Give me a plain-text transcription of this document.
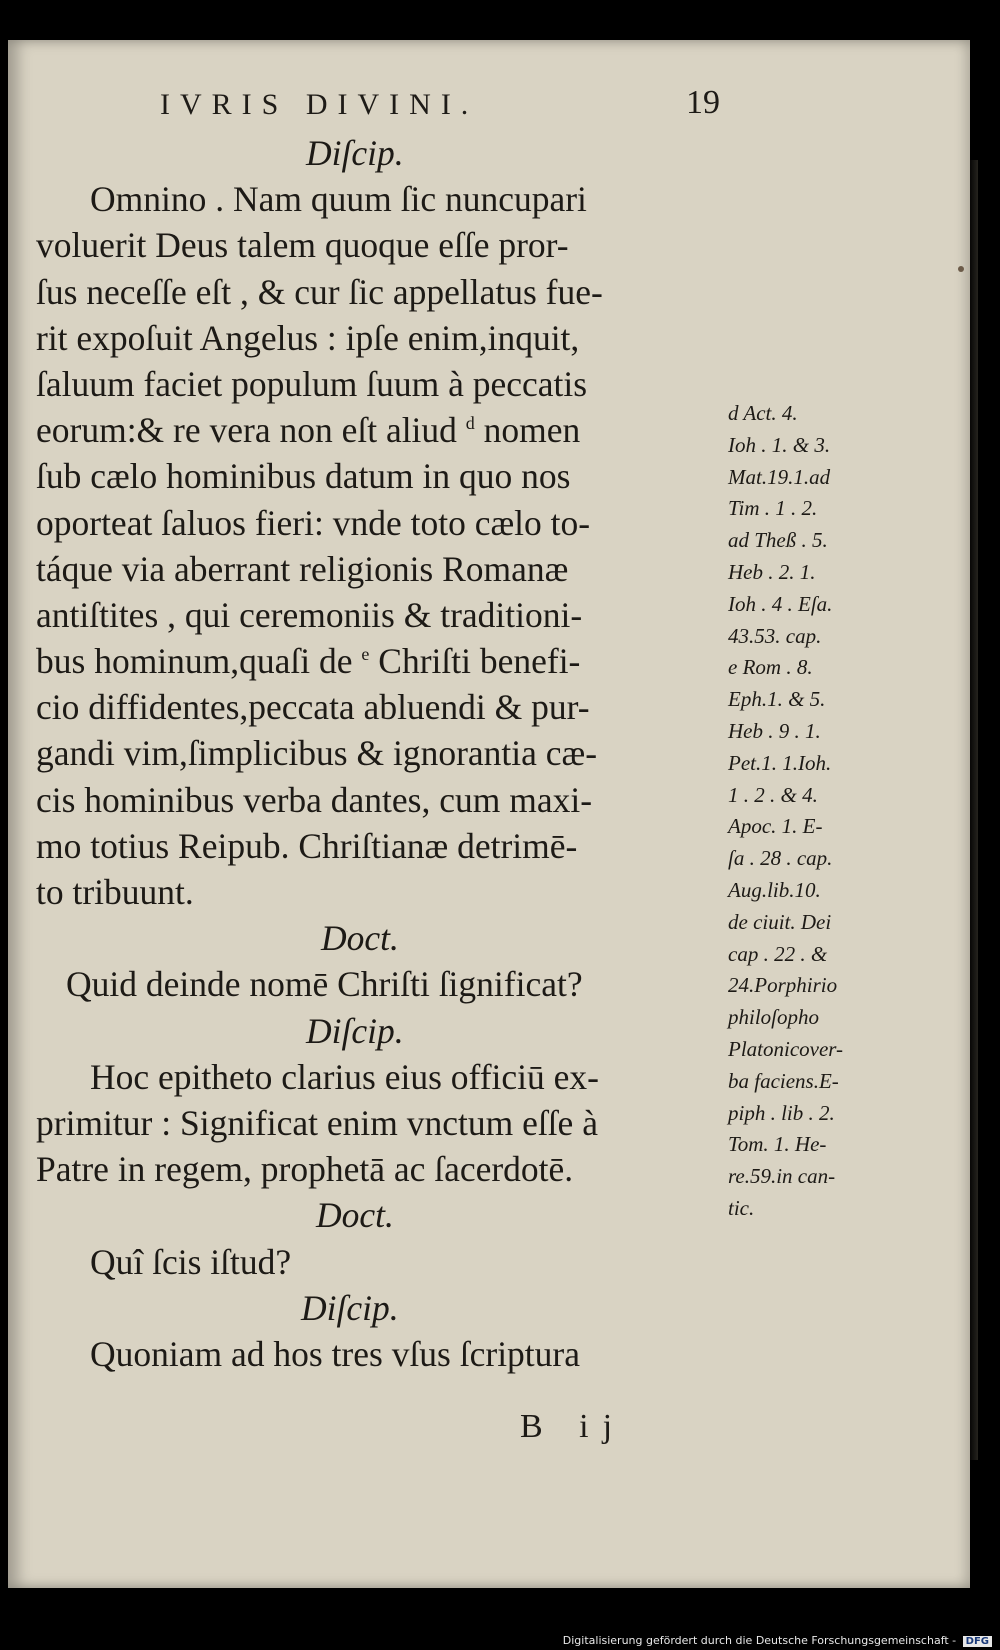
IVRIS DIVINI.	19
Diſcip.
Omnino . Nam quum ſic nuncupari
voluerit Deus talem quoque eſſe pror-
ſus neceſſe eſt , & cur ſic appellatus fue-
rit expoſuit Angelus : ipſe enim,inquit,
ſaluum faciet populum ſuum à peccatis
eorum:& re vera non eſt aliud $^d$ nomen
ſub cælo hominibus datum in quo nos
oporteat ſaluos fieri: vnde toto cælo to-
táque via aberrant religionis Romanæ
antiſtites , qui ceremoniis & traditioni-
bus hominum,quaſi de $^e$ Chriſti benefi-
cio diffidentes,peccata abluendi & pur-
gandi vim,ſimplicibus & ignorantia cæ-
cis hominibus verba dantes, cum maxi-
mo totius Reipub. Chriſtianæ detrimē-
to tribuunt.
Doct.
Quid deinde nomē Chriſti ſignificat?
Diſcip.
Hoc epitheto clarius eius officiū ex-
primitur : Significat enim vnctum eſſe à
Patre in regem, prophetā ac ſacerdotē.
Doct.
Quî ſcis iſtud?
Diſcip.
Quoniam ad hos tres vſus ſcriptura
d Act. 4.
Ioh . 1. & 3.
Mat.19.1.ad
Tim . 1 . 2.
ad Theß . 5.
Heb . 2. 1.
Ioh . 4 . Eſa.
43.53. cap.
e Rom . 8.
Eph.1. & 5.
Heb . 9 . 1.
Pet.1. 1.Ioh.
1 . 2 . & 4.
Apoc. 1. E-
ſa . 28 . cap.
Aug.lib.10.
de ciuit. Dei
cap . 22 . &
24.Porphirio
philoſopho
Platonicover-
ba faciens.E-
piph . lib . 2.
Tom. 1. He-
re.59.in can-
tic.
B ij
Digitalisierung gefördert durch die Deutsche Forschungsgemeinschaft - DFG
